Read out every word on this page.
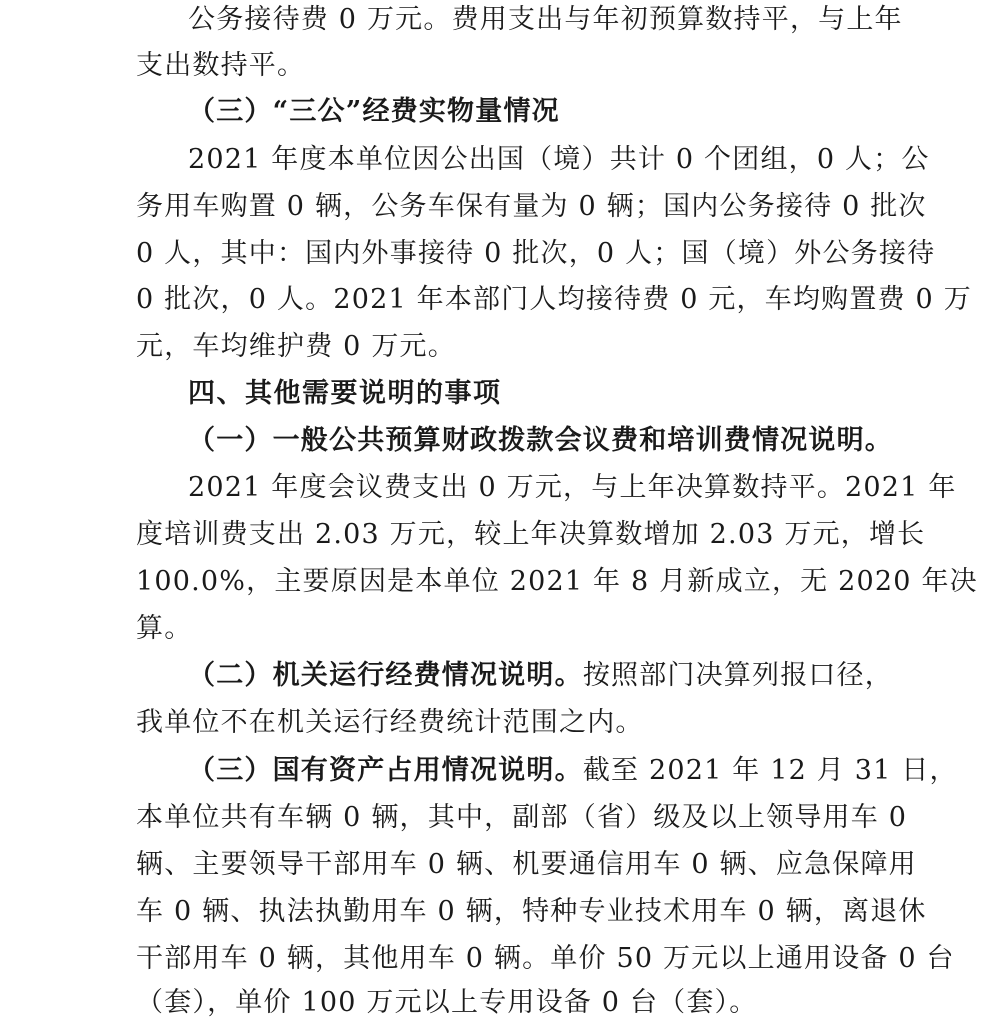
公务接待费 0 万元。费用支出与年初预算数持平，与上年
支出数持平。
（三）“三公”经费实物量情况
2021 年度本单位因公出国（境）共计 0 个团组，0 人；公
务用车购置 0 辆，公务车保有量为 0 辆；国内公务接待 0 批次
0 人，其中：国内外事接待 0 批次，0 人；国（境）外公务接待
0 批次，0 人。2021 年本部门人均接待费 0 元，车均购置费 0 万
元，车均维护费 0 万元。
四、其他需要说明的事项
（一）一般公共预算财政拨款会议费和培训费情况说明。
2021 年度会议费支出 0 万元，与上年决算数持平。2021 年
度培训费支出 2.03 万元，较上年决算数增加 2.03 万元，增长
100.0%，主要原因是本单位 2021 年 8 月新成立，无 2020 年决
算。
（二）机关运行经费情况说明。按照部门决算列报口径，
我单位不在机关运行经费统计范围之内。
（三）国有资产占用情况说明。截至 2021 年 12 月 31 日，
本单位共有车辆 0 辆，其中，副部（省）级及以上领导用车 0
辆、主要领导干部用车 0 辆、机要通信用车 0 辆、应急保障用
车 0 辆、执法执勤用车 0 辆，特种专业技术用车 0 辆，离退休
干部用车 0 辆，其他用车 0 辆。单价 50 万元以上通用设备 0 台
（套），单价 100 万元以上专用设备 0 台（套）。
